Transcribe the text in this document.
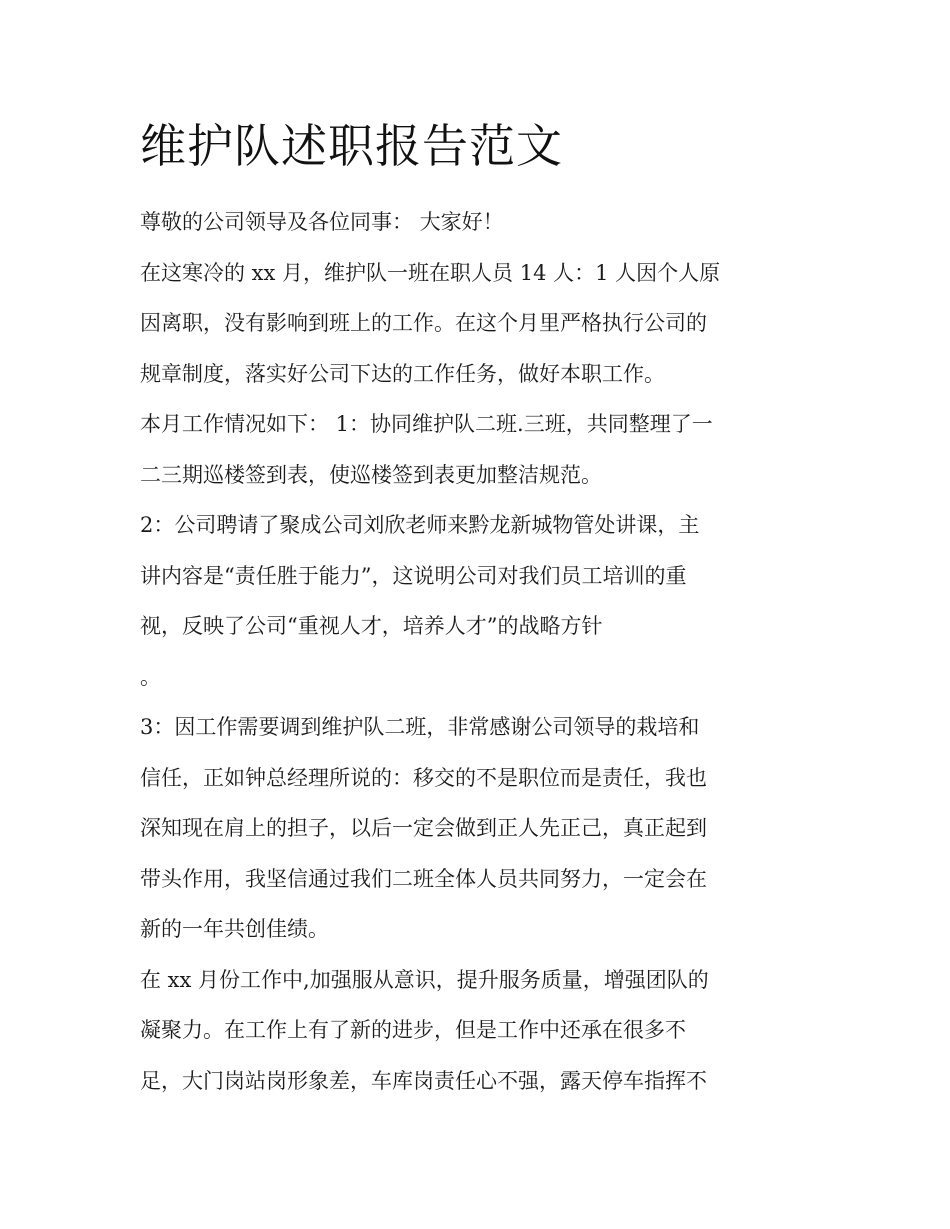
维护队述职报告范文
尊敬的公司领导及各位同事： 大家好！
在这寒冷的 xx 月，维护队一班在职人员 14 人：1 人因个人原
因离职，没有影响到班上的工作。在这个月里严格执行公司的
规章制度，落实好公司下达的工作任务，做好本职工作。
本月工作情况如下： 1：协同维护队二班.三班，共同整理了一
二三期巡楼签到表，使巡楼签到表更加整洁规范。
2：公司聘请了聚成公司刘欣老师来黔龙新城物管处讲课，主
讲内容是“责任胜于能力”，这说明公司对我们员工培训的重
视，反映了公司“重视人才，培养人才”的战略方针
。
3：因工作需要调到维护队二班，非常感谢公司领导的栽培和
信任，正如钟总经理所说的：移交的不是职位而是责任，我也
深知现在肩上的担子，以后一定会做到正人先正己，真正起到
带头作用，我坚信通过我们二班全体人员共同努力，一定会在
新的一年共创佳绩。
在 xx 月份工作中,加强服从意识，提升服务质量，增强团队的
凝聚力。在工作上有了新的进步，但是工作中还承在很多不
足，大门岗站岗形象差，车库岗责任心不强，露天停车指挥不
